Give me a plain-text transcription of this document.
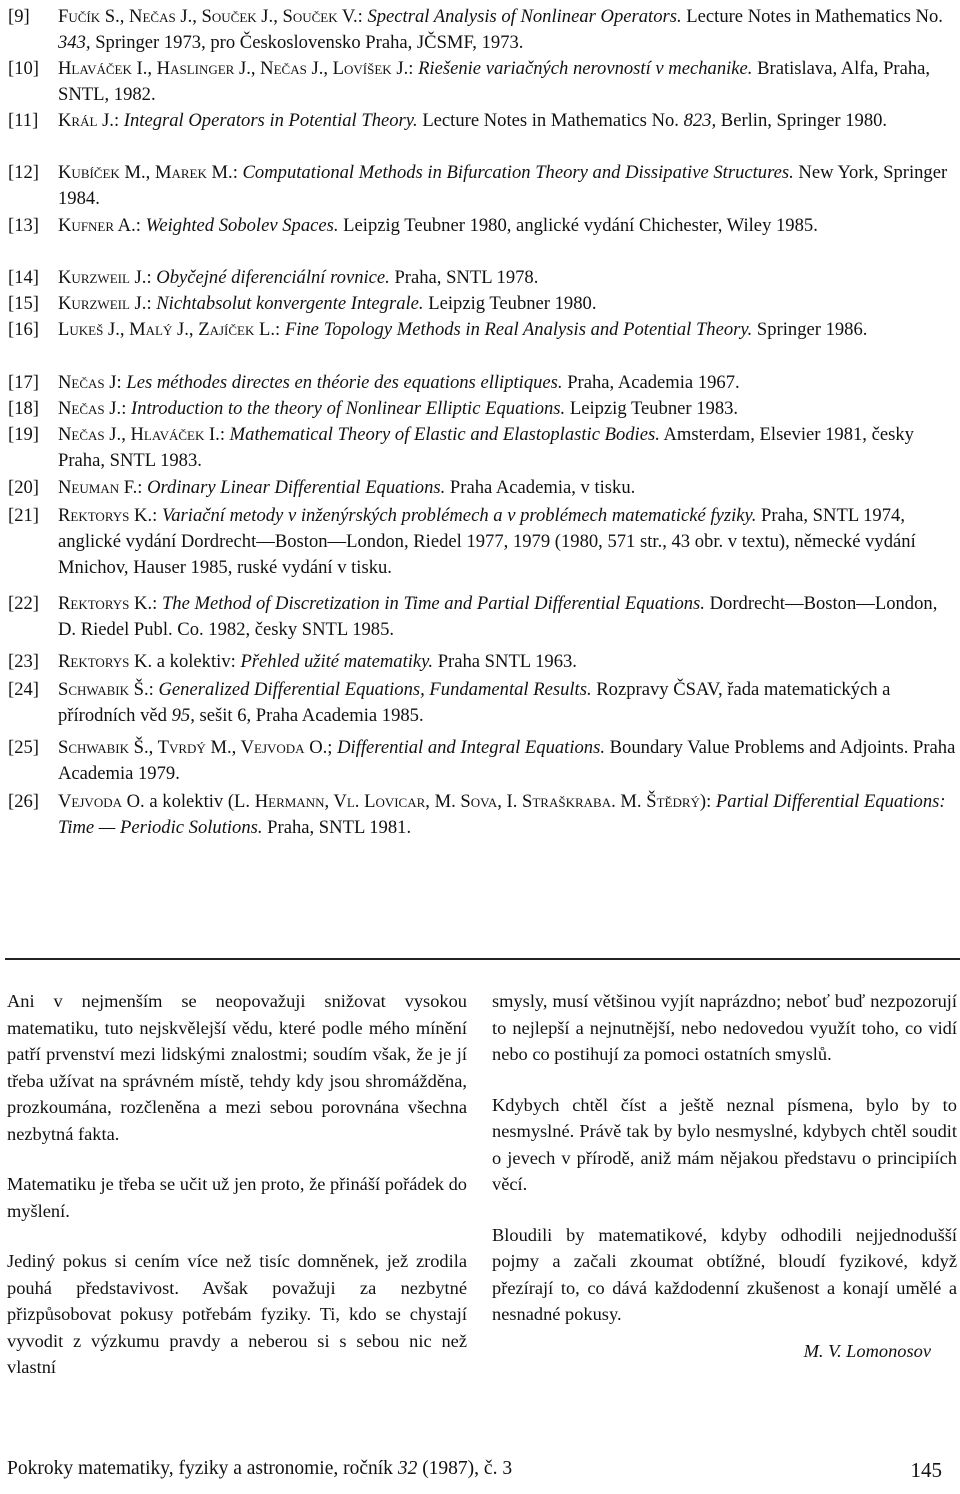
[9] Fučík S., Nečas J., Souček J., Souček V.: Spectral Analysis of Nonlinear Operators. Lecture Notes in Mathematics No. 343, Springer 1973, pro Československo Praha, JČSMF, 1973.
[10] Hlaváček I., Haslinger J., Nečas J., Lovíšek J.: Riešenie variačných nerovností v mechanike. Bratislava, Alfa, Praha, SNTL, 1982.
[11] Král J.: Integral Operators in Potential Theory. Lecture Notes in Mathematics No. 823, Berlin, Springer 1980.
[12] Kubíček M., Marek M.: Computational Methods in Bifurcation Theory and Dissipative Structures. New York, Springer 1984.
[13] Kufner A.: Weighted Sobolev Spaces. Leipzig Teubner 1980, anglické vydání Chichester, Wiley 1985.
[14] Kurzweil J.: Obyčejné diferenciální rovnice. Praha, SNTL 1978.
[15] Kurzweil J.: Nichtabsolut konvergente Integrale. Leipzig Teubner 1980.
[16] Lukeš J., Malý J., Zajíček L.: Fine Topology Methods in Real Analysis and Potential Theory. Springer 1986.
[17] Nečas J: Les méthodes directes en théorie des equations elliptiques. Praha, Academia 1967.
[18] Nečas J.: Introduction to the theory of Nonlinear Elliptic Equations. Leipzig Teubner 1983.
[19] Nečas J., Hlaváček I.: Mathematical Theory of Elastic and Elastoplastic Bodies. Amsterdam, Elsevier 1981, česky Praha, SNTL 1983.
[20] Neuman F.: Ordinary Linear Differential Equations. Praha Academia, v tisku.
[21] Rektorys K.: Variační metody v inženýrských problémech a v problémech matematické fyziky. Praha, SNTL 1974, anglické vydání Dordrecht—Boston—London, Riedel 1977, 1979 (1980, 571 str., 43 obr. v textu), německé vydání Mnichov, Hauser 1985, ruské vydání v tisku.
[22] Rektorys K.: The Method of Discretization in Time and Partial Differential Equations. Dordrecht—Boston—London, D. Riedel Publ. Co. 1982, česky SNTL 1985.
[23] Rektorys K. a kolektiv: Přehled užité matematiky. Praha SNTL 1963.
[24] Schwabik Š.: Generalized Differential Equations, Fundamental Results. Rozpravy ČSAV, řada matematických a přírodních věd 95, sešit 6, Praha Academia 1985.
[25] Schwabik Š., Tvrdý M., Vejvoda O.; Differential and Integral Equations. Boundary Value Problems and Adjoints. Praha Academia 1979.
[26] Vejvoda O. a kolektiv (L. Hermann, Vl. Lovicar, M. Sova, I. Straškraba. M. Štědrý): Partial Differential Equations: Time — Periodic Solutions. Praha, SNTL 1981.

Ani v nejmenším se neopovažuji snižovat vysokou matematiku, tuto nejskvělejší vědu, které podle mého mínění patří prvenství mezi lidskými znalostmi; soudím však, že je jí třeba užívat na správném místě, tehdy kdy jsou shromážděna, prozkoumána, rozčleněna a mezi sebou porovnána všechna nezbytná fakta.

Matematiku je třeba se učit už jen proto, že přináší pořádek do myšlení.

Jediný pokus si cením více než tisíc domněnek, jež zrodila pouhá představivost. Avšak považuji za nezbytné přizpůsobovat pokusy potřebám fyziky. Ti, kdo se chystají vyvodit z výzkumu pravdy a neberou si s sebou nic než vlastní

smysly, musí většinou vyjít naprázdno; neboť buď nezpozorují to nejlepší a nejnutnější, nebo nedovedou využít toho, co vidí nebo co postihují za pomoci ostatních smyslů.

Kdybych chtěl číst a ještě neznal písmena, bylo by to nesmyslné. Právě tak by bylo nesmyslné, kdybych chtěl soudit o jevech v přírodě, aniž mám nějakou představu o principiích věcí.

Bloudili by matematikové, kdyby odhodili nejjednodušší pojmy a začali zkoumat obtížné, bloudí fyzikové, když přezírají to, co dává každodenní zkušenost a konají umělé a nesnadné pokusy.

M. V. Lomonosov
Pokroky matematiky, fyziky a astronomie, ročník 32 (1987), č. 3	145
